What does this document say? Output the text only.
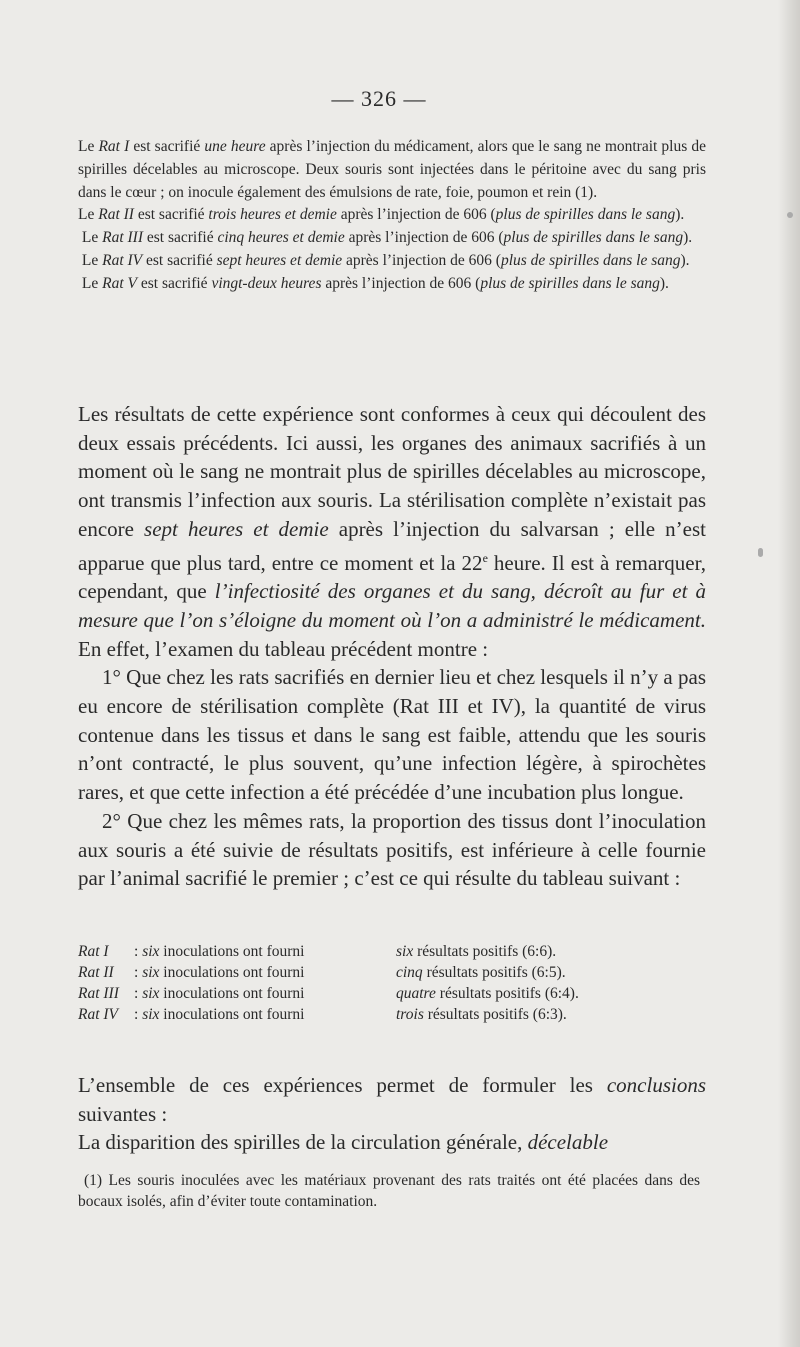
— 326 —

Le Rat I est sacrifié une heure après l’injection du médicament, alors que le sang ne montrait plus de spirilles décelables au microscope. Deux souris sont injectées dans le péritoine avec du sang pris dans le cœur ; on inocule également des émulsions de rate, foie, poumon et rein (1).

Le Rat II est sacrifié trois heures et demie après l’injection de 606 (plus de spirilles dans le sang).

Le Rat III est sacrifié cinq heures et demie après l’injection de 606 (plus de spirilles dans le sang).

Le Rat IV est sacrifié sept heures et demie après l’injection de 606 (plus de spirilles dans le sang).

Le Rat V est sacrifié vingt-deux heures après l’injection de 606 (plus de spirilles dans le sang).

Les résultats de cette expérience sont conformes à ceux qui découlent des deux essais précédents. Ici aussi, les organes des animaux sacrifiés à un moment où le sang ne montrait plus de spirilles décelables au microscope, ont transmis l’infection aux souris. La stérilisation complète n’existait pas encore sept heures et demie après l’injection du salvarsan ; elle n’est apparue que plus tard, entre ce moment et la 22e heure. Il est à remarquer, cependant, que l’infectiosité des organes et du sang, décroît au fur et à mesure que l’on s’éloigne du moment où l’on a administré le médicament. En effet, l’examen du tableau précédent montre :

1° Que chez les rats sacrifiés en dernier lieu et chez lesquels il n’y a pas eu encore de stérilisation complète (Rat III et IV), la quantité de virus contenue dans les tissus et dans le sang est faible, attendu que les souris n’ont contracté, le plus souvent, qu’une infection légère, à spirochètes rares, et que cette infection a été précédée d’une incubation plus longue.

2° Que chez les mêmes rats, la proportion des tissus dont l’inoculation aux souris a été suivie de résultats positifs, est inférieure à celle fournie par l’animal sacrifié le premier ; c’est ce qui résulte du tableau suivant :

Rat I	: six inoculations ont fourni	six résultats positifs (6:6).
Rat II	: six inoculations ont fourni	cinq résultats positifs (6:5).
Rat III	: six inoculations ont fourni	quatre résultats positifs (6:4).
Rat IV	: six inoculations ont fourni	trois résultats positifs (6:3).

L’ensemble de ces expériences permet de formuler les conclusions suivantes :

La disparition des spirilles de la circulation générale, décelable

(1) Les souris inoculées avec les matériaux provenant des rats traités ont été placées dans des bocaux isolés, afin d’éviter toute contamination.
